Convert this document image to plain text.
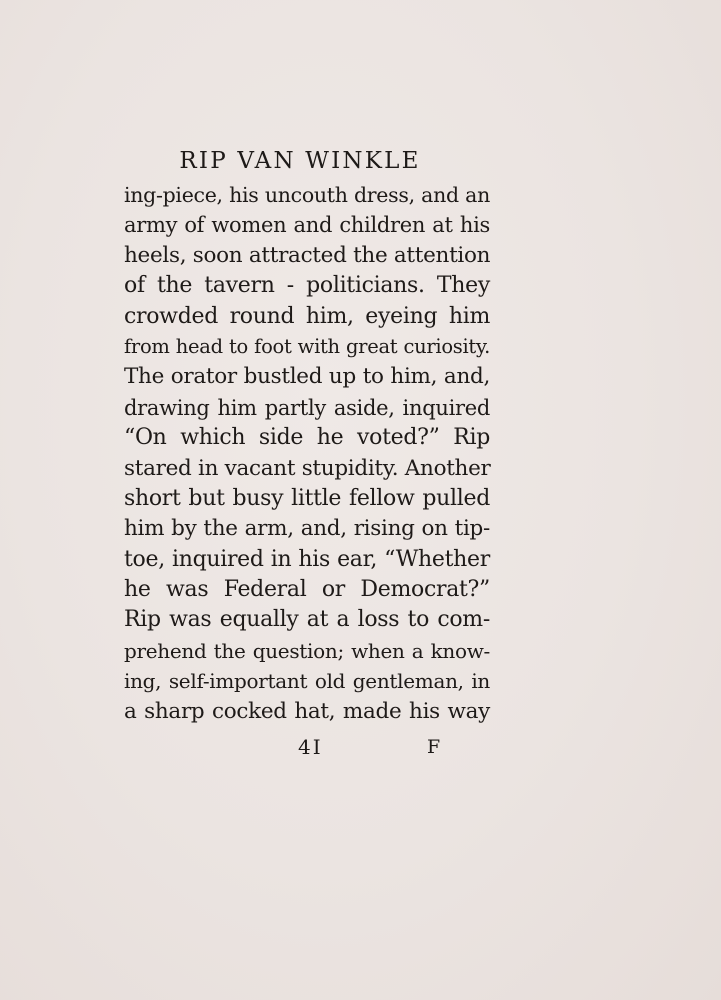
RIP VAN WINKLE
ing-piece, his uncouth dress, and an
army of women and children at his
heels, soon attracted the attention
of the tavern - politicians. They
crowded round him, eyeing him
from head to foot with great curiosity.
The orator bustled up to him, and,
drawing him partly aside, inquired
“On which side he voted?” Rip
stared in vacant stupidity. Another
short but busy little fellow pulled
him by the arm, and, rising on tip-
toe, inquired in his ear, “Whether
he was Federal or Democrat?”
Rip was equally at a loss to com-
prehend the question; when a know-
ing, self-important old gentleman, in
a sharp cocked hat, made his way
4I	F
